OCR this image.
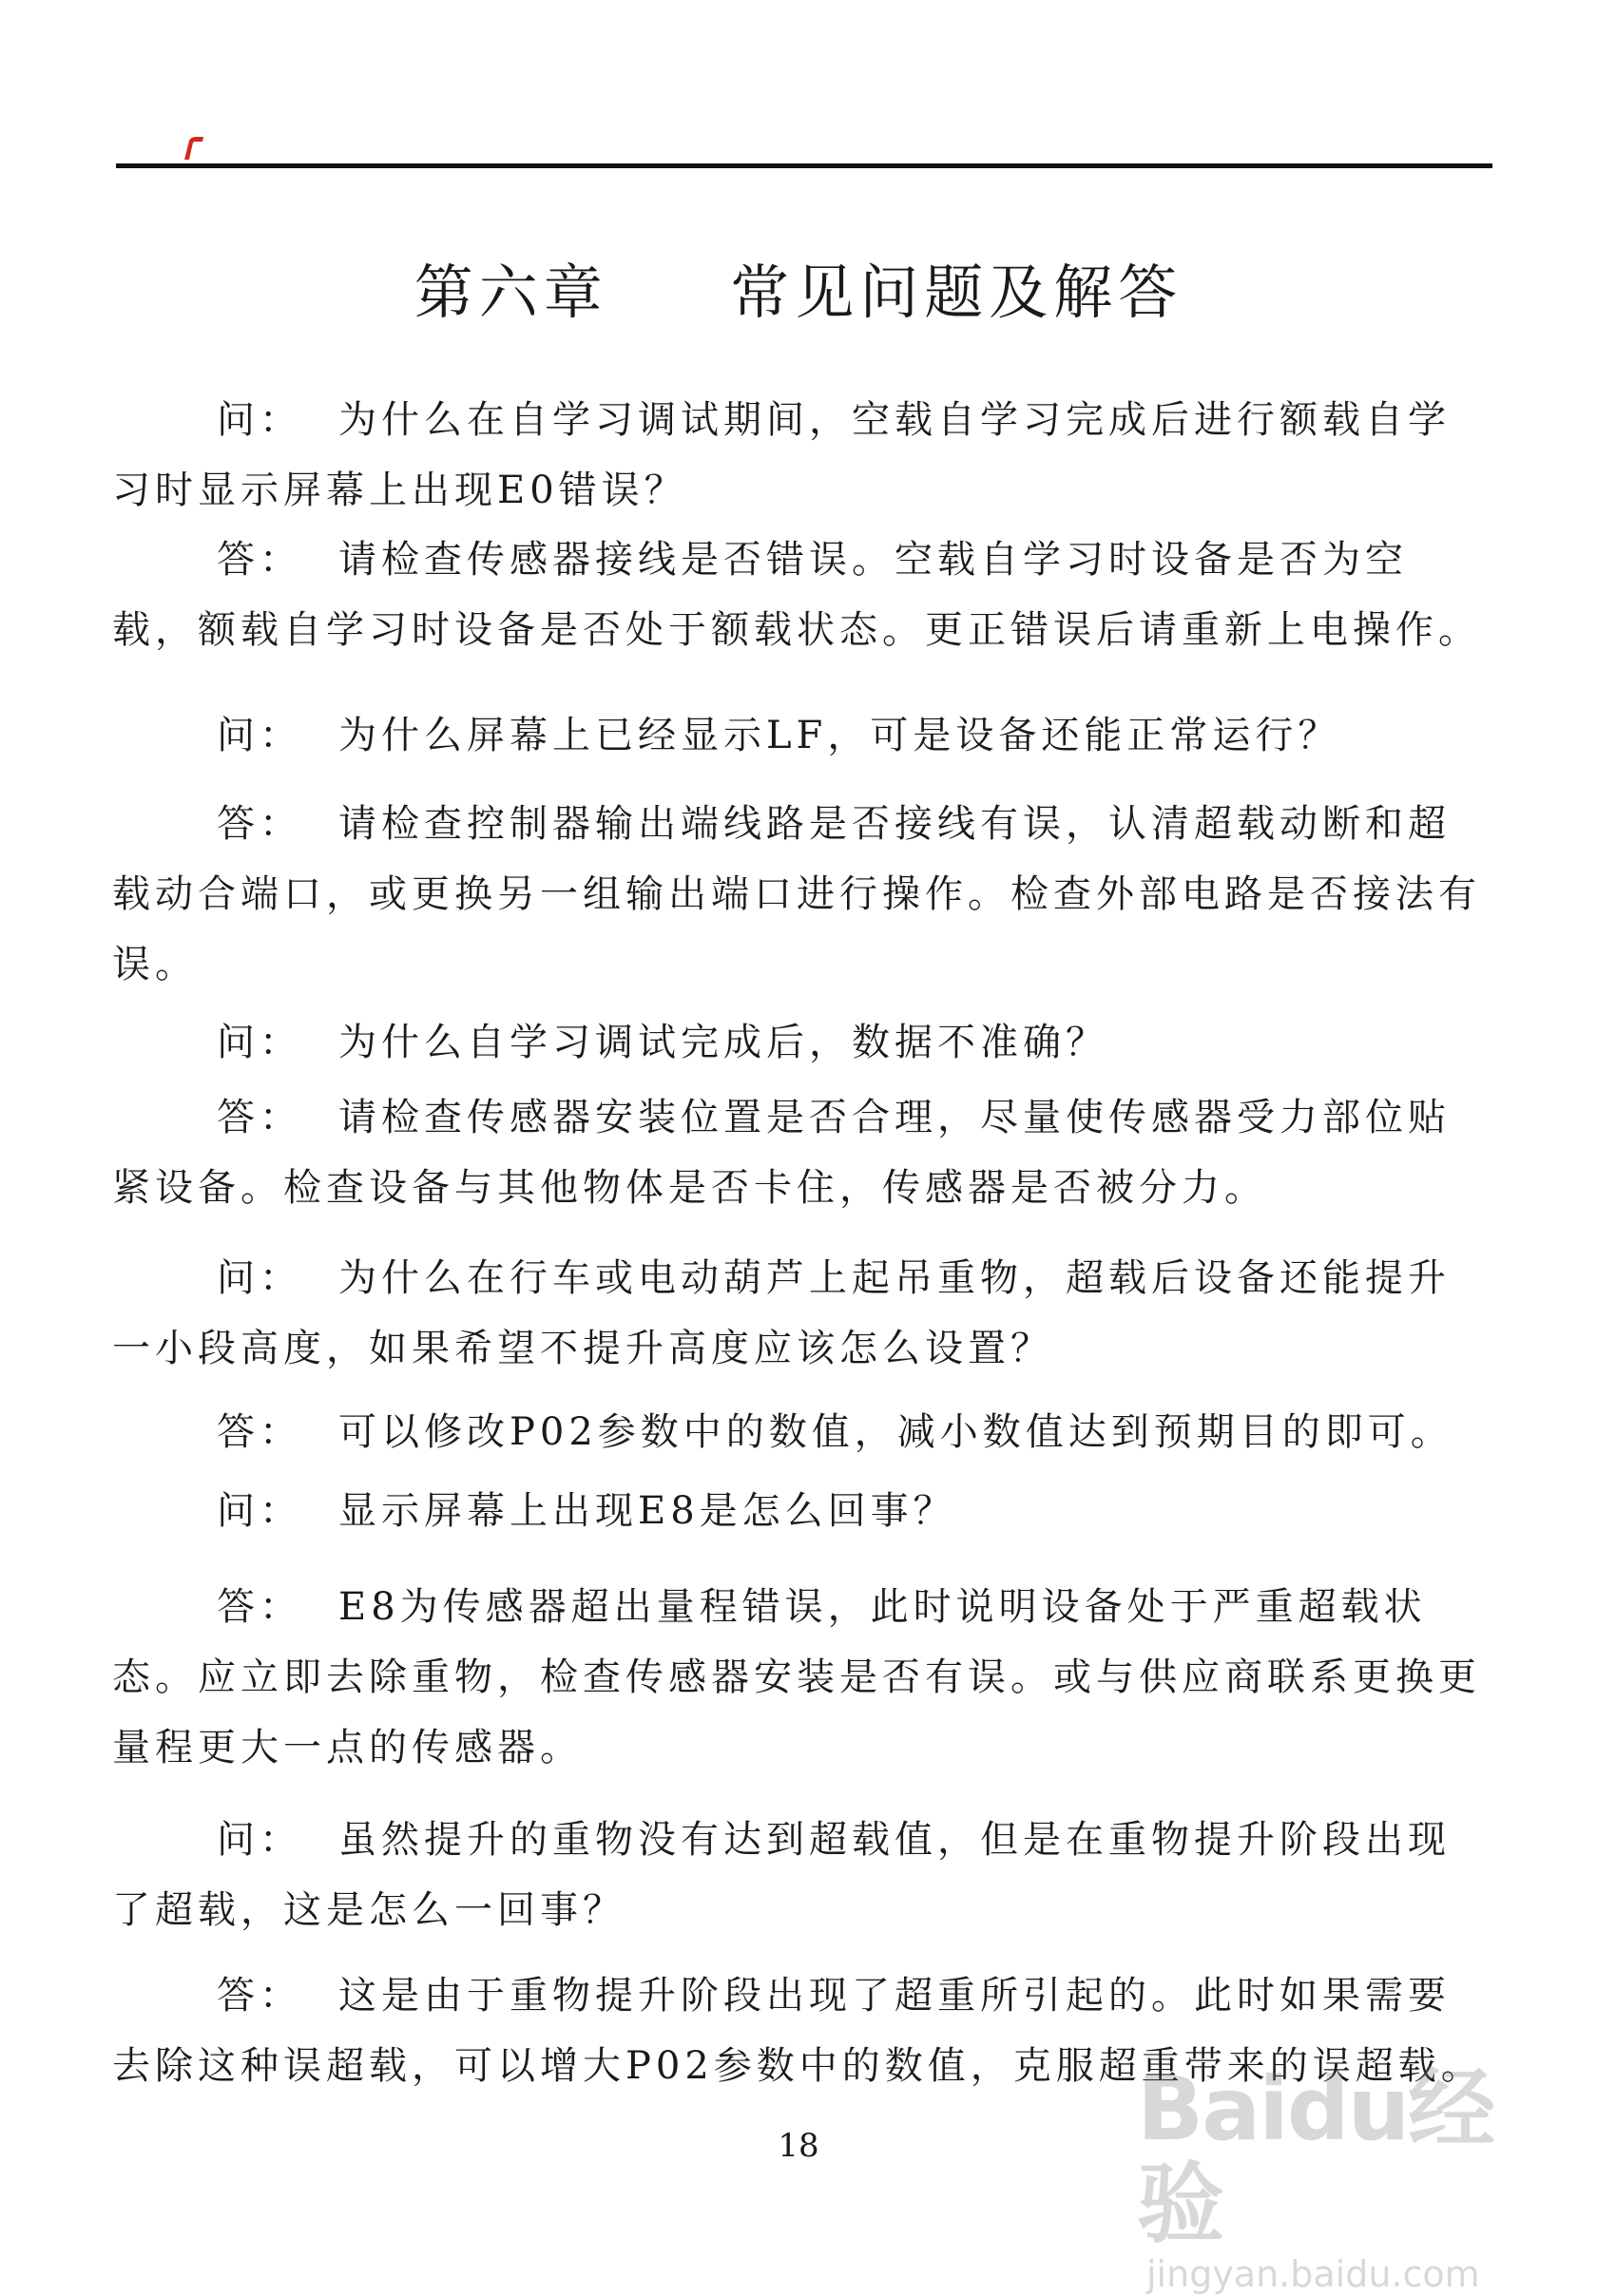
第六章     常见问题及解答

问： 为什么在自学习调试期间，空载自学习完成后进行额载自学习时显示屏幕上出现E0错误？

答： 请检查传感器接线是否错误。空载自学习时设备是否为空载，额载自学习时设备是否处于额载状态。更正错误后请重新上电操作。

问： 为什么屏幕上已经显示LF，可是设备还能正常运行？

答： 请检查控制器输出端线路是否接线有误，认清超载动断和超载动合端口，或更换另一组输出端口进行操作。检查外部电路是否接法有误。

问： 为什么自学习调试完成后，数据不准确？

答： 请检查传感器安装位置是否合理，尽量使传感器受力部位贴紧设备。检查设备与其他物体是否卡住，传感器是否被分力。

问： 为什么在行车或电动葫芦上起吊重物，超载后设备还能提升一小段高度，如果希望不提升高度应该怎么设置？

答： 可以修改P02参数中的数值，减小数值达到预期目的即可。

问： 显示屏幕上出现E8是怎么回事？

答： E8为传感器超出量程错误，此时说明设备处于严重超载状态。应立即去除重物，检查传感器安装是否有误。或与供应商联系更换更量程更大一点的传感器。

问： 虽然提升的重物没有达到超载值，但是在重物提升阶段出现了超载，这是怎么一回事？

答： 这是由于重物提升阶段出现了超重所引起的。此时如果需要去除这种误超载，可以增大P02参数中的数值，克服超重带来的误超载。

18	Baidu经验
jingyan.baidu.com
